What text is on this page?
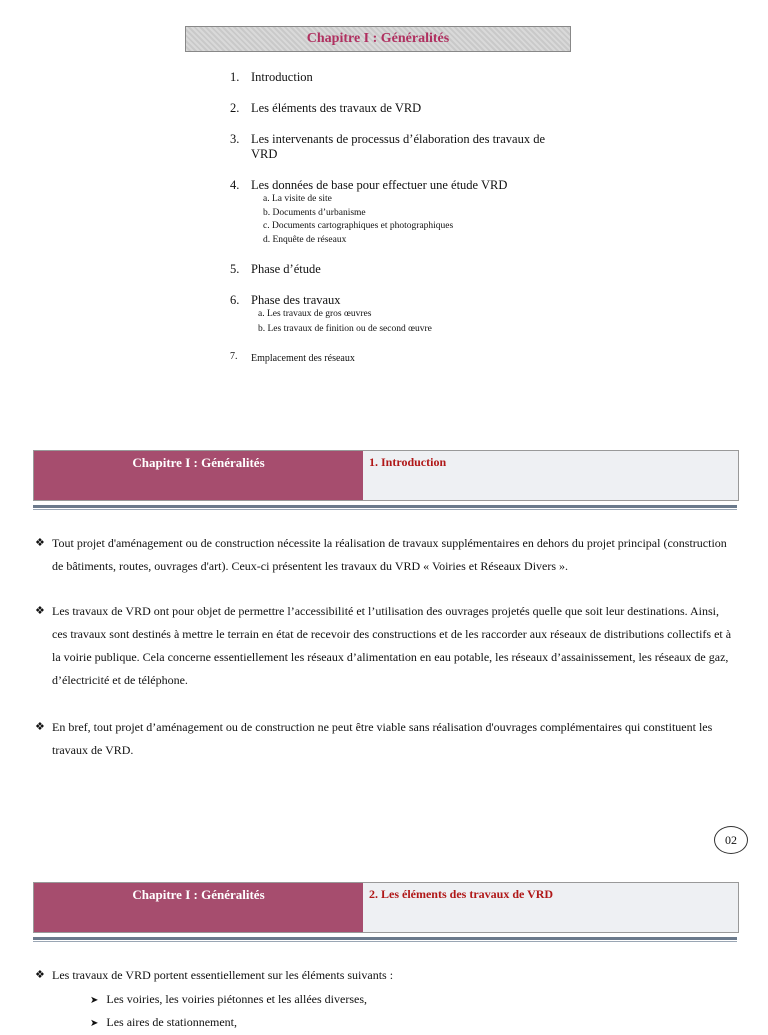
Chapitre I : Généralités
1. Introduction
2. Les éléments des travaux de VRD
3. Les intervenants de processus d’élaboration des travaux de VRD
4. Les données de base pour effectuer une étude VRD
a. La visite de site
b. Documents d’urbanisme
c. Documents cartographiques et photographiques
d. Enquête de réseaux
5. Phase d’étude
6. Phase des travaux
a. Les travaux de gros œuvres
b. Les travaux de finition ou de second œuvre
7.	Emplacement des réseaux
Chapitre I : Généralités	1. Introduction
❖ Tout projet d'aménagement ou de construction nécessite la réalisation de travaux supplémentaires en dehors du projet principal (construction de bâtiments, routes, ouvrages d'art). Ceux-ci présentent les travaux du VRD « Voiries et Réseaux Divers ».
❖ Les travaux de VRD ont pour objet de permettre l’accessibilité et l’utilisation des ouvrages projetés quelle que soit leur destinations. Ainsi, ces travaux sont destinés à mettre le terrain en état de recevoir des constructions et de les raccorder aux réseaux de distributions collectifs et à la voirie publique. Cela concerne essentiellement les réseaux d’alimentation en eau potable, les réseaux d’assainissement, les réseaux de gaz, d’électricité et de téléphone.
❖ En bref, tout projet d’aménagement ou de construction ne peut être viable sans réalisation d'ouvrages complémentaires qui constituent les travaux de VRD.
02
Chapitre I : Généralités	2. Les éléments des travaux de VRD
❖ Les travaux de VRD portent essentiellement sur les éléments suivants :
➤ Les voiries, les voiries piétonnes et les allées diverses,
➤ Les aires de stationnement,
